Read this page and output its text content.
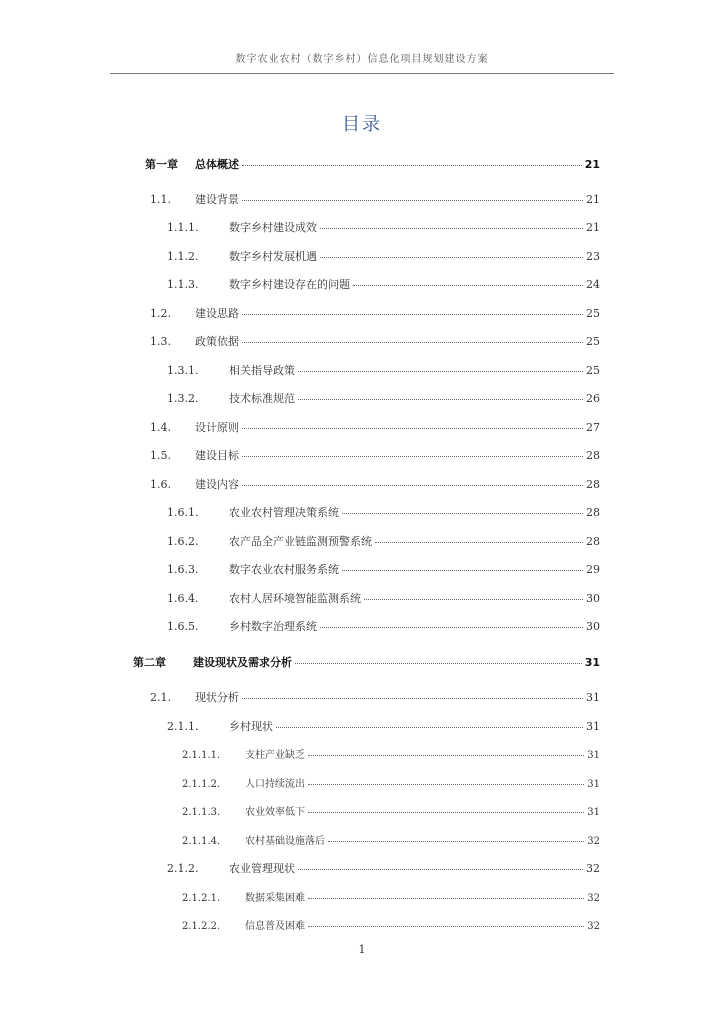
数字农业农村（数字乡村）信息化项目规划建设方案
目录
第一章	总体概述	21
1.1.	建设背景	21
1.1.1.	数字乡村建设成效	21
1.1.2.	数字乡村发展机遇	23
1.1.3.	数字乡村建设存在的问题	24
1.2.	建设思路	25
1.3.	政策依据	25
1.3.1.	相关指导政策	25
1.3.2.	技术标准规范	26
1.4.	设计原则	27
1.5.	建设目标	28
1.6.	建设内容	28
1.6.1.	农业农村管理决策系统	28
1.6.2.	农产品全产业链监测预警系统	28
1.6.3.	数字农业农村服务系统	29
1.6.4.	农村人居环境智能监测系统	30
1.6.5.	乡村数字治理系统	30
第二章	建设现状及需求分析	31
2.1.	现状分析	31
2.1.1.	乡村现状	31
2.1.1.1.	支柱产业缺乏	31
2.1.1.2.	人口持续流出	31
2.1.1.3.	农业效率低下	31
2.1.1.4.	农村基础设施落后	32
2.1.2.	农业管理现状	32
2.1.2.1.	数据采集困难	32
2.1.2.2.	信息普及困难	32
1
